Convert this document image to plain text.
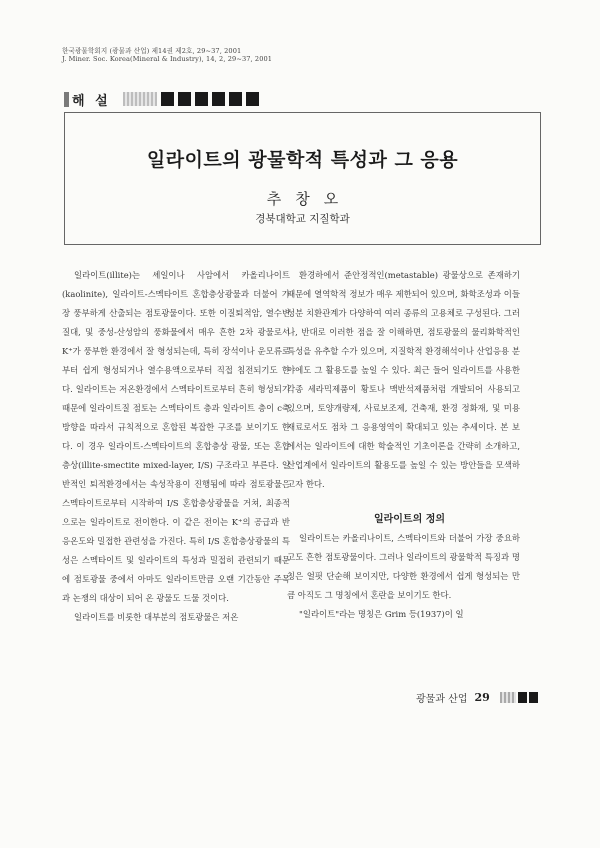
한국광물학회지 (광물과 산업) 제14권 제2호, 29~37, 2001
J. Miner. Soc. Korea(Mineral & Industry), 14, 2, 29~37, 2001
해 설
일라이트의 광물학적 특성과 그 응용
추창오
경북대학교 지질학과

일라이트(illite)는 셰일이나 사암에서 카올리나이트(kaolinite), 일라이트-스멕타이트 혼합층상광물과 더불어 가장 풍부하게 산출되는 점토광물이다. 또한 이질퇴적암, 열수변질대, 및 중성-산성암의 풍화물에서 매우 흔한 2차 광물로서 K⁺가 풍부한 환경에서 잘 형성되는데, 특히 장석이나 운모류로부터 쉽게 형성되거나 열수용액으로부터 직접 침전되기도 한다. 일라이트는 저온환경에서 스멕타이트로부터 흔히 형성되기 때문에 일라이트질 점토는 스멕타이트 층과 일라이트 층이 c축 방향을 따라서 규칙적으로 혼합된 복잡한 구조를 보이기도 한다. 이 경우 일라이트-스멕타이트의 혼합층상 광물, 또는 혼합층상(illite-smectite mixed-layer, I/S) 구조라고 부른다. 일반적인 퇴적환경에서는 속성작용이 진행됨에 따라 점토광물은 스멕타이트로부터 시작하여 I/S 혼합층상광물을 거쳐, 최종적으로는 일라이트로 전이한다. 이 같은 전이는 K⁺의 공급과 반응온도와 밀접한 관련성을 가진다. 특히 I/S 혼합층상광물의 특성은 스멕타이트 및 일라이트의 특성과 밀접히 관련되기 때문에 점토광물 중에서 아마도 일라이트만큼 오랜 기간동안 주목과 논쟁의 대상이 되어 온 광물도 드물 것이다.

일라이트를 비롯한 대부분의 점토광물은 저온

환경하에서 준안정적인(metastable) 광물상으로 존재하기 때문에 열역학적 정보가 매우 제한되어 있으며, 화학조성과 이들 성분 치환관계가 다양하여 여러 종류의 고용체로 구성된다. 그러나, 반대로 이러한 점을 잘 이해하면, 점토광물의 물리화학적인 특성을 유추할 수가 있으며, 지질학적 환경해석이나 산업응용 분야에도 그 활용도를 높일 수 있다. 최근 들어 일라이트를 사용한 각종 세라믹제품이 황토나 맥반석제품처럼 개발되어 사용되고 있으며, 토양개량제, 사료보조제, 건축재, 환경 정화재, 및 미용재료로서도 점차 그 응용영역이 확대되고 있는 추세이다. 본 보에서는 일라이트에 대한 학술적인 기초이론을 간략히 소개하고, 산업계에서 일라이트의 활용도를 높일 수 있는 방안들을 모색하고자 한다.

일라이트의 정의

일라이트는 카올리나이트, 스멕타이트와 더불어 가장 중요하고도 흔한 점토광물이다. 그러나 일라이트의 광물학적 특징과 명칭은 얼핏 단순해 보이지만, 다양한 환경에서 쉽게 형성되는 만큼 아직도 그 명칭에서 혼란을 보이기도 한다.

"일라이트"라는 명칭은 Grim 등(1937)이 일

광물과 산업 29
